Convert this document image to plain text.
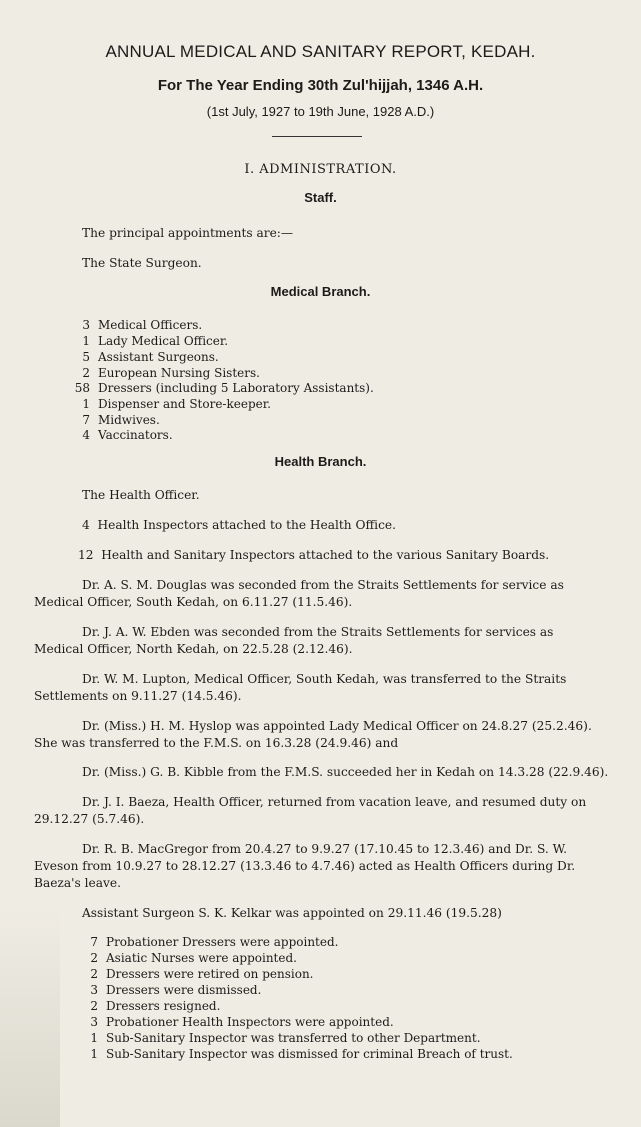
ANNUAL MEDICAL AND SANITARY REPORT, KEDAH.
For The Year Ending 30th Zul'hijjah, 1346 A.H.
(1st July, 1927 to 19th June, 1928 A.D.)
I. ADMINISTRATION.
Staff.
The principal appointments are:—
The State Surgeon.
Medical Branch.
3 Medical Officers.
1 Lady Medical Officer.
5 Assistant Surgeons.
2 European Nursing Sisters.
58 Dressers (including 5 Laboratory Assistants).
1 Dispenser and Store-keeper.
7 Midwives.
4 Vaccinators.
Health Branch.
The Health Officer.
4  Health Inspectors attached to the Health Office.
12  Health and Sanitary Inspectors attached to the various Sanitary Boards.
Dr. A. S. M. Douglas was seconded from the Straits Settlements for service as
Medical Officer, South Kedah, on 6.11.27 (11.5.46).
Dr. J. A. W. Ebden was seconded from the Straits Settlements for services as
Medical Officer, North Kedah, on 22.5.28 (2.12.46).
Dr. W. M. Lupton, Medical Officer, South Kedah, was transferred to the Straits
Settlements on 9.11.27 (14.5.46).
Dr. (Miss.) H. M. Hyslop was appointed Lady Medical Officer on 24.8.27 (25.2.46).
She was transferred to the F.M.S. on 16.3.28 (24.9.46) and
Dr. (Miss.) G. B. Kibble from the F.M.S. succeeded her in Kedah on 14.3.28 (22.9.46).
Dr. J. I. Baeza, Health Officer, returned from vacation leave, and resumed duty on
29.12.27 (5.7.46).
Dr. R. B. MacGregor from 20.4.27 to 9.9.27 (17.10.45 to 12.3.46) and Dr. S. W.
Eveson from 10.9.27 to 28.12.27 (13.3.46 to 4.7.46) acted as Health Officers during Dr.
Baeza's leave.
Assistant Surgeon S. K. Kelkar was appointed on 29.11.46 (19.5.28)
7 Probationer Dressers were appointed.
2 Asiatic Nurses were appointed.
2 Dressers were retired on pension.
3 Dressers were dismissed.
2 Dressers resigned.
3 Probationer Health Inspectors were appointed.
1 Sub-Sanitary Inspector was transferred to other Department.
1 Sub-Sanitary Inspector was dismissed for criminal Breach of trust.
